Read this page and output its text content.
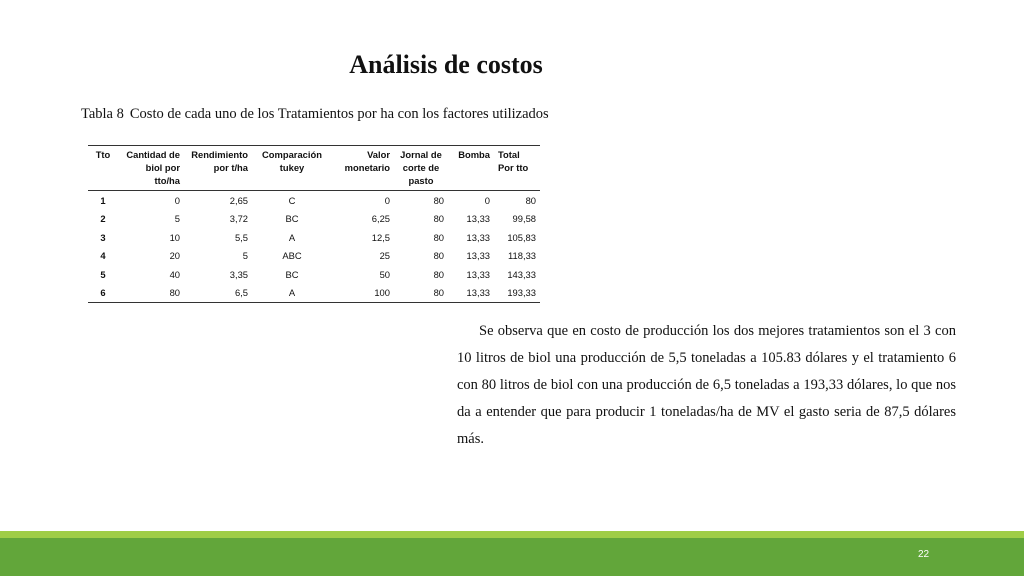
Análisis de costos
Tabla 8 Costo de cada uno de los Tratamientos por ha con los factores utilizados
Tto	Cantidad de biol por tto/ha	Rendimiento por t/ha	Comparación tukey	Valor monetario	Jornal de corte de pasto	Bomba	Total Por tto
1	0	2,65	C	0	80	0	80
2	5	3,72	BC	6,25	80	13,33	99,58
3	10	5,5	A	12,5	80	13,33	105,83
4	20	5	ABC	25	80	13,33	118,33
5	40	3,35	BC	50	80	13,33	143,33
6	80	6,5	A	100	80	13,33	193,33
Se observa que en costo de producción los dos mejores tratamientos son el 3 con 10 litros de biol una producción de 5,5 toneladas a 105.83 dólares y el tratamiento 6 con 80 litros de biol con una producción de 6,5 toneladas a 193,33 dólares, lo que nos da a entender que para producir 1 toneladas/ha de MV el gasto seria de 87,5 dólares más.
22
